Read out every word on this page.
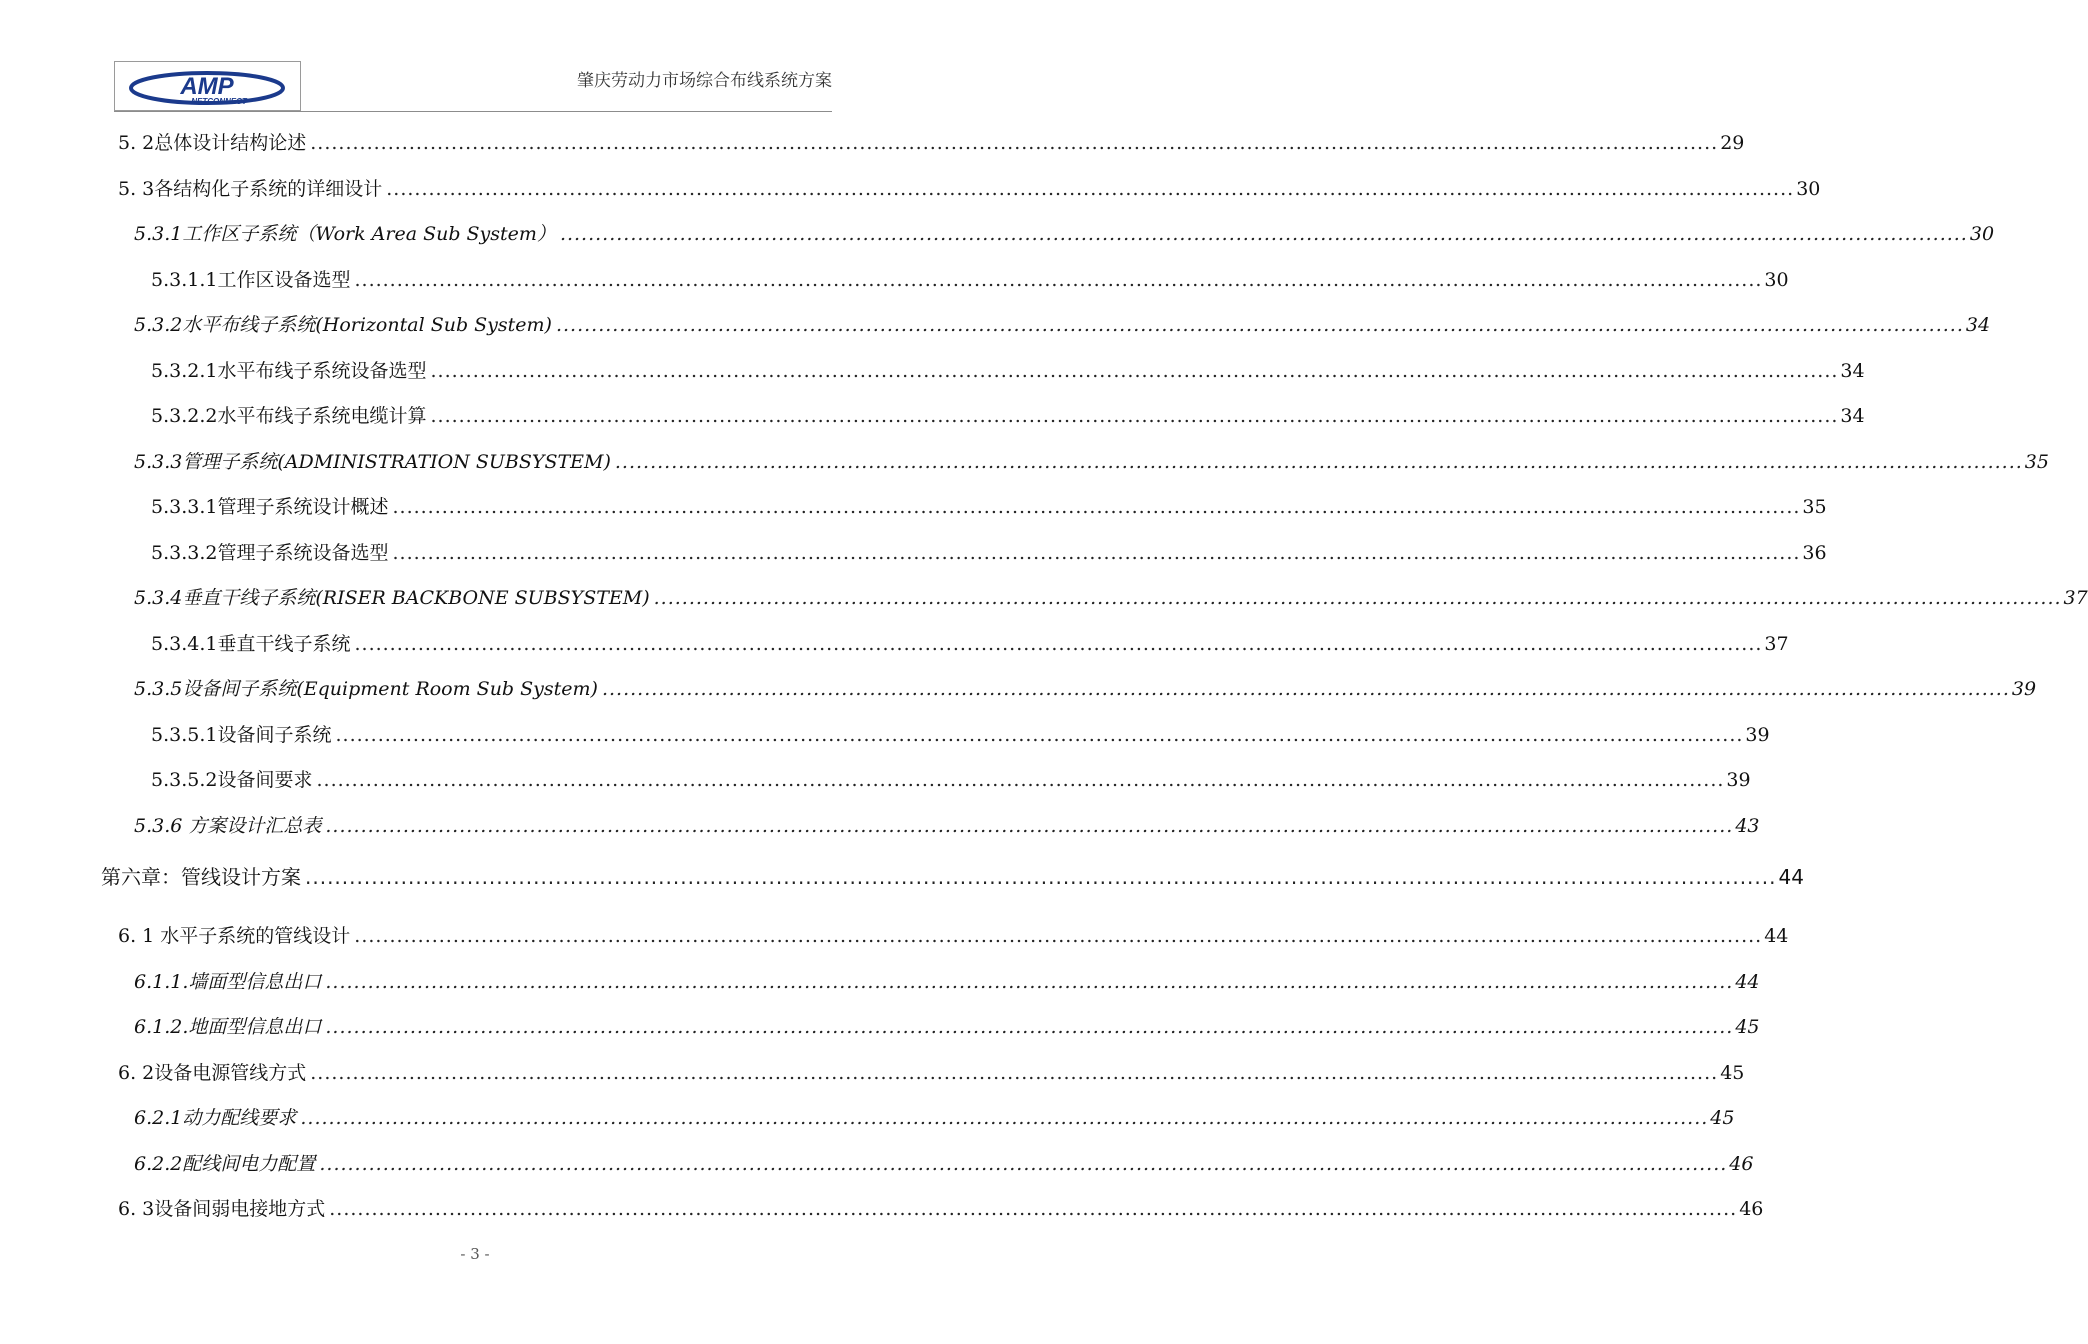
AMP
NETCONNECT
肇庆劳动力市场综合布线系统方案
5. 2总体设计结构论述 ........................................................................................................................................................................................................ 29
5. 3各结构化子系统的详细设计 ........................................................................................................................................................................................................ 30
5.3.1工作区子系统（Work Area Sub System） ........................................................................................................................................................................................................ 30
5.3.1.1工作区设备选型 ........................................................................................................................................................................................................ 30
5.3.2水平布线子系统(Horizontal Sub System) ........................................................................................................................................................................................................ 34
5.3.2.1水平布线子系统设备选型 ........................................................................................................................................................................................................ 34
5.3.2.2水平布线子系统电缆计算 ........................................................................................................................................................................................................ 34
5.3.3管理子系统(ADMINISTRATION SUBSYSTEM) ........................................................................................................................................................................................................ 35
5.3.3.1管理子系统设计概述 ........................................................................................................................................................................................................ 35
5.3.3.2管理子系统设备选型 ........................................................................................................................................................................................................ 36
5.3.4垂直干线子系统(RISER BACKBONE SUBSYSTEM) ........................................................................................................................................................................................................ 37
5.3.4.1垂直干线子系统 ........................................................................................................................................................................................................ 37
5.3.5设备间子系统(Equipment Room Sub System) ........................................................................................................................................................................................................ 39
5.3.5.1设备间子系统 ........................................................................................................................................................................................................ 39
5.3.5.2设备间要求 ........................................................................................................................................................................................................ 39
5.3.6 方案设计汇总表 ........................................................................................................................................................................................................ 43
第六章：管线设计方案 ........................................................................................................................................................................................................ 44
6. 1 水平子系统的管线设计 ........................................................................................................................................................................................................ 44
6.1.1.墙面型信息出口 ........................................................................................................................................................................................................ 44
6.1.2.地面型信息出口 ........................................................................................................................................................................................................ 45
6. 2设备电源管线方式 ........................................................................................................................................................................................................ 45
6.2.1动力配线要求 ........................................................................................................................................................................................................ 45
6.2.2配线间电力配置 ........................................................................................................................................................................................................ 46
6. 3设备间弱电接地方式 ........................................................................................................................................................................................................ 46
- 3 -
